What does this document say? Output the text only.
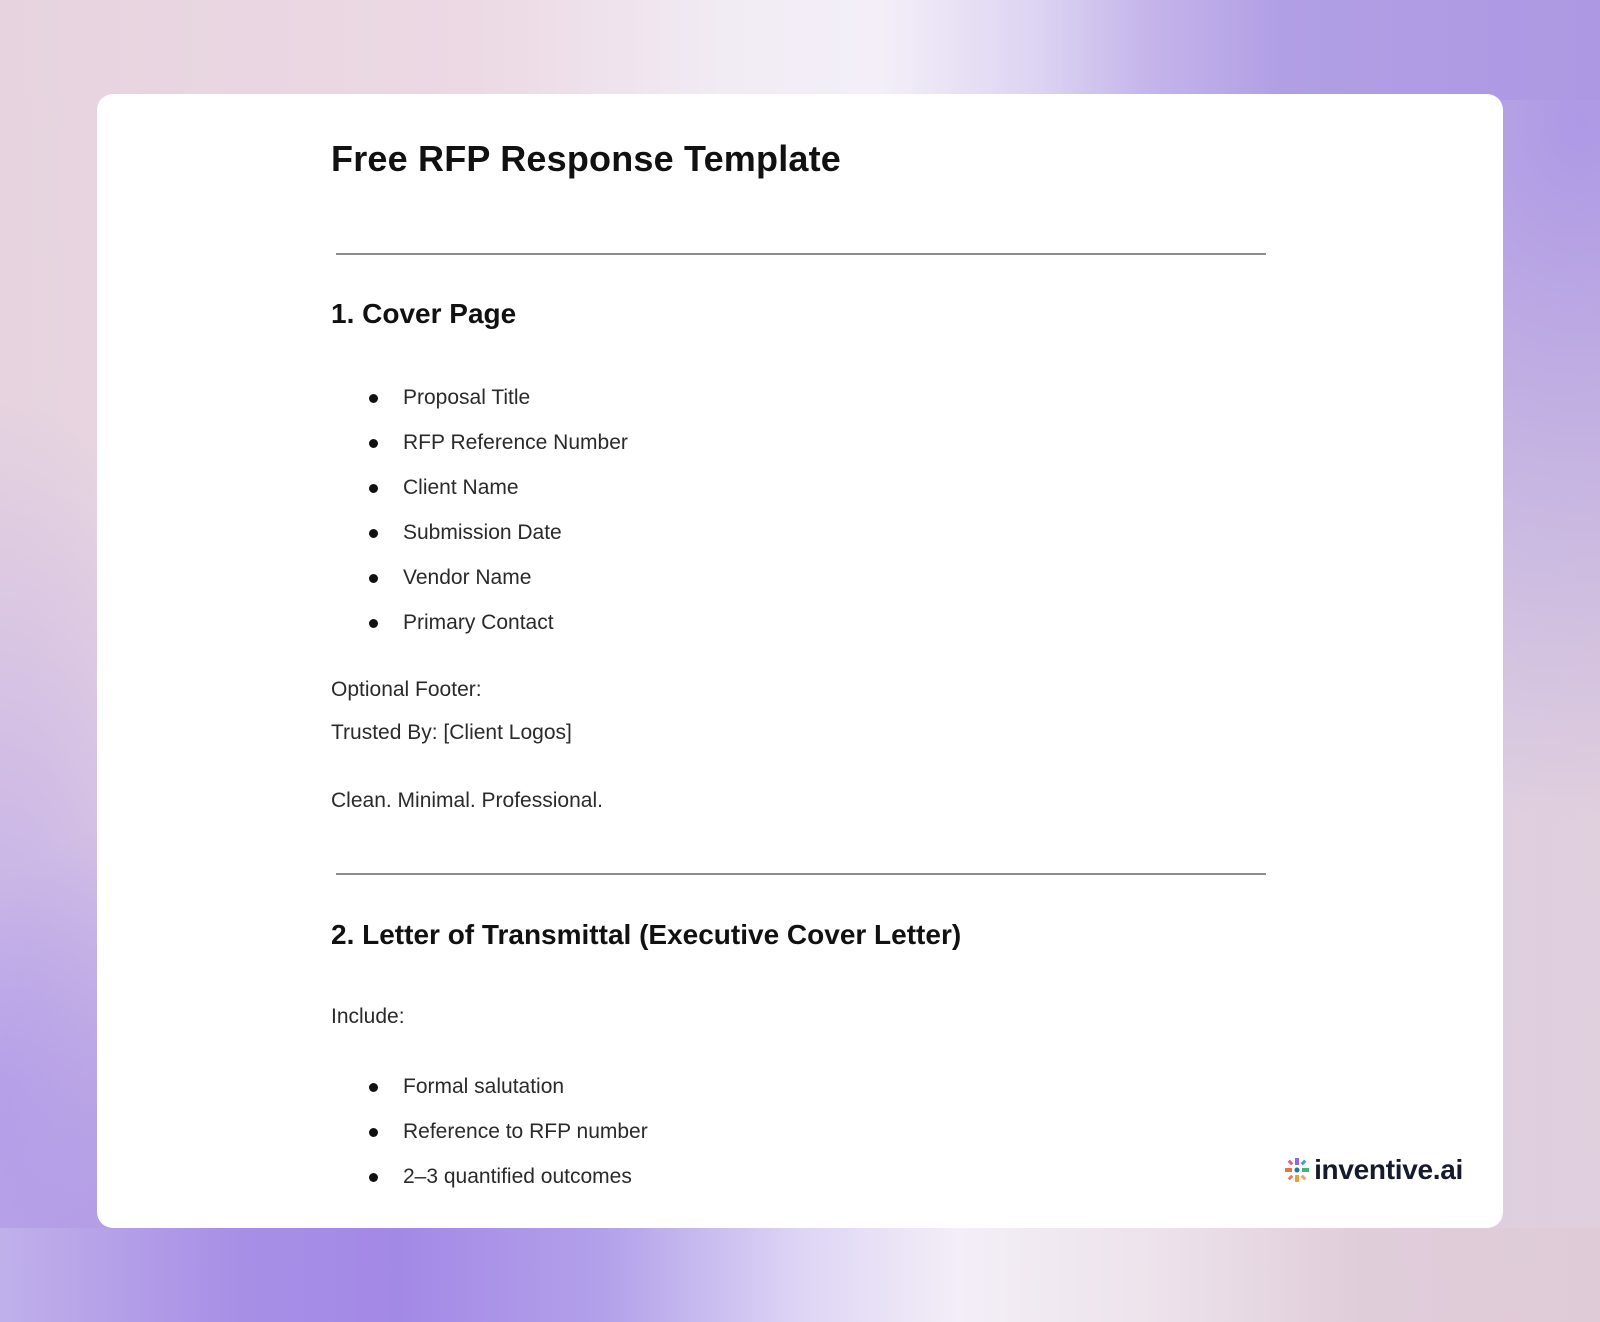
Free RFP Response Template
1. Cover Page
Proposal Title
RFP Reference Number
Client Name
Submission Date
Vendor Name
Primary Contact
Optional Footer:
Trusted By: [Client Logos]
Clean. Minimal. Professional.
2. Letter of Transmittal (Executive Cover Letter)
Include:
Formal salutation
Reference to RFP number
2–3 quantified outcomes	inventive.ai
